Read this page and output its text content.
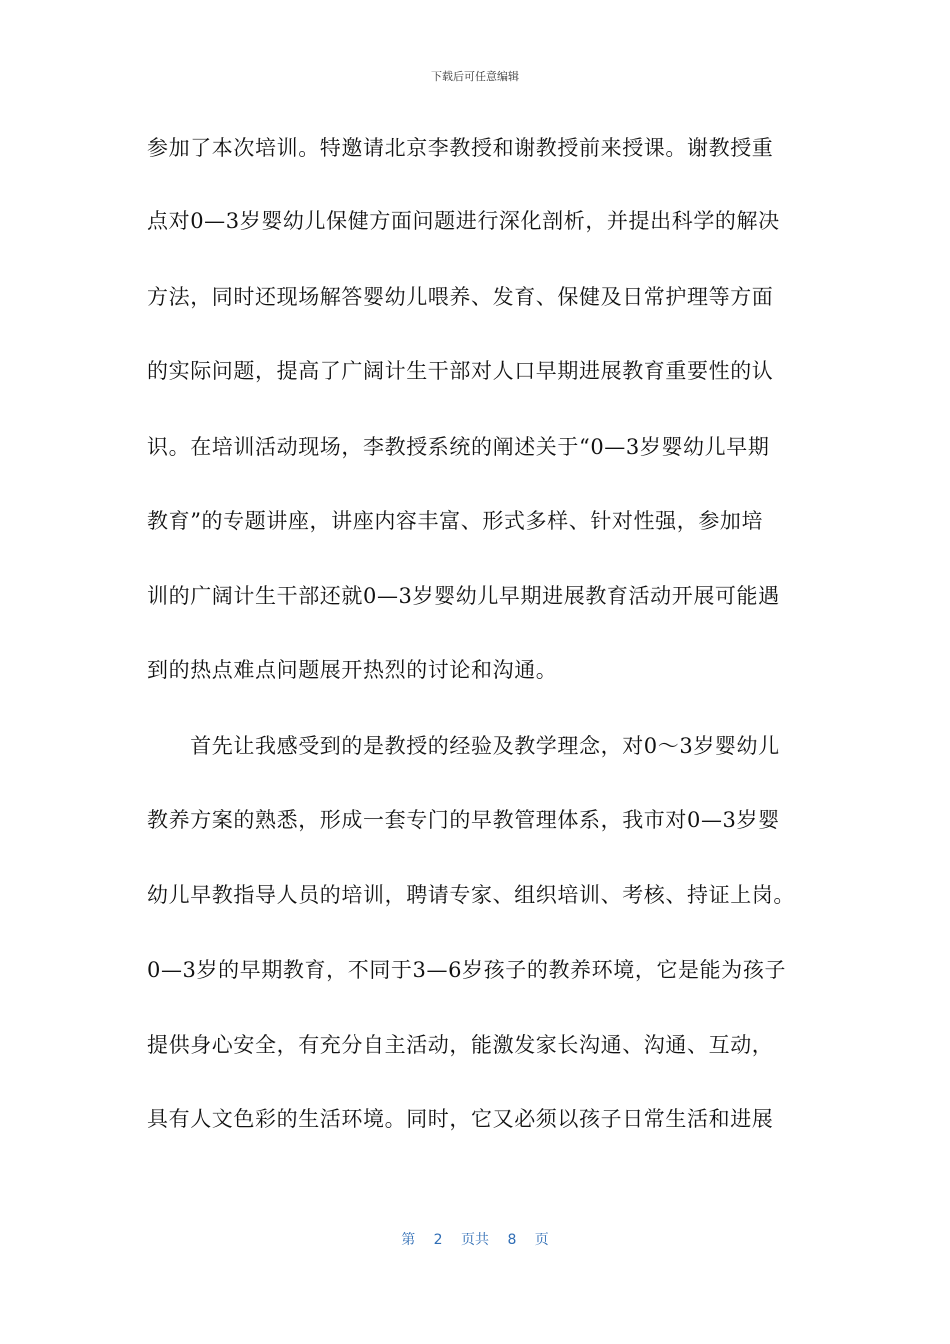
下载后可任意编辑
参加了本次培训。特邀请北京李教授和谢教授前来授课。谢教授重
点对0—3岁婴幼儿保健方面问题进行深化剖析，并提出科学的解决
方法，同时还现场解答婴幼儿喂养、发育、保健及日常护理等方面
的实际问题，提高了广阔计生干部对人口早期进展教育重要性的认
识。在培训活动现场，李教授系统的阐述关于“0—3岁婴幼儿早期
教育”的专题讲座，讲座内容丰富、形式多样、针对性强，参加培
训的广阔计生干部还就0—3岁婴幼儿早期进展教育活动开展可能遇
到的热点难点问题展开热烈的讨论和沟通。
　　首先让我感受到的是教授的经验及教学理念，对0～3岁婴幼儿
教养方案的熟悉，形成一套专门的早教管理体系，我市对0—3岁婴
幼儿早教指导人员的培训，聘请专家、组织培训、考核、持证上岗。
0—3岁的早期教育，不同于3—6岁孩子的教养环境，它是能为孩子
提供身心安全，有充分自主活动，能激发家长沟通、沟通、互动，
具有人文色彩的生活环境。同时，它又必须以孩子日常生活和进展
第 2 页共 8 页
